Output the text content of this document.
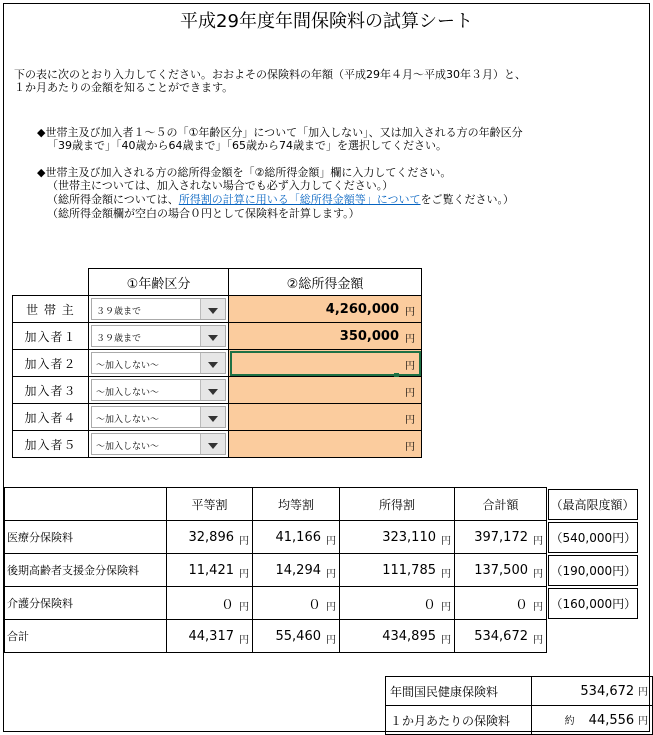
平成29年度年間保険料の試算シート
下の表に次のとおり入力してください。おおよその保険料の年額（平成29年４月～平成30年３月）と、
１か月あたりの金額を知ることができます。
◆世帯主及び加入者１～５の「①年齢区分」について「加入しない」、又は加入される方の年齢区分
「39歳まで」「40歳から64歳まで」「65歳から74歳まで」を選択してください。
◆世帯主及び加入される方の総所得金額を「②総所得金額」欄に入力してください。
（世帯主については、加入されない場合でも必ず入力してください。）
（総所得金額については、所得割の計算に用いる「総所得金額等」についてをご覧ください。）
（総所得金額欄が空白の場合０円として保険料を計算します。）
	①年齢区分	②総所得金額
世 帯 主	３９歳まで	4,260,000 円

加入者１	３９歳まで	350,000 円

加入者２	～加入しない～	円

加入者３	～加入しない～	円

加入者４	～加入しない～	円

加入者５	～加入しない～	円
	平等割	均等割	所得割	合計額	（最高限度額）
医療分保険料	32,896 円	41,166 円	323,110 円	397,172 円	（540,000円）
後期高齢者支援金分保険料	11,421 円	14,294 円	111,785 円	137,500 円	（190,000円）
介護分保険料	０ 円	０ 円	０ 円	０ 円	（160,000円）
合計	44,317 円	55,460 円	434,895 円	534,672 円	

年間国民健康保険料	534,672 円
１か月あたりの保険料	約 44,556 円
